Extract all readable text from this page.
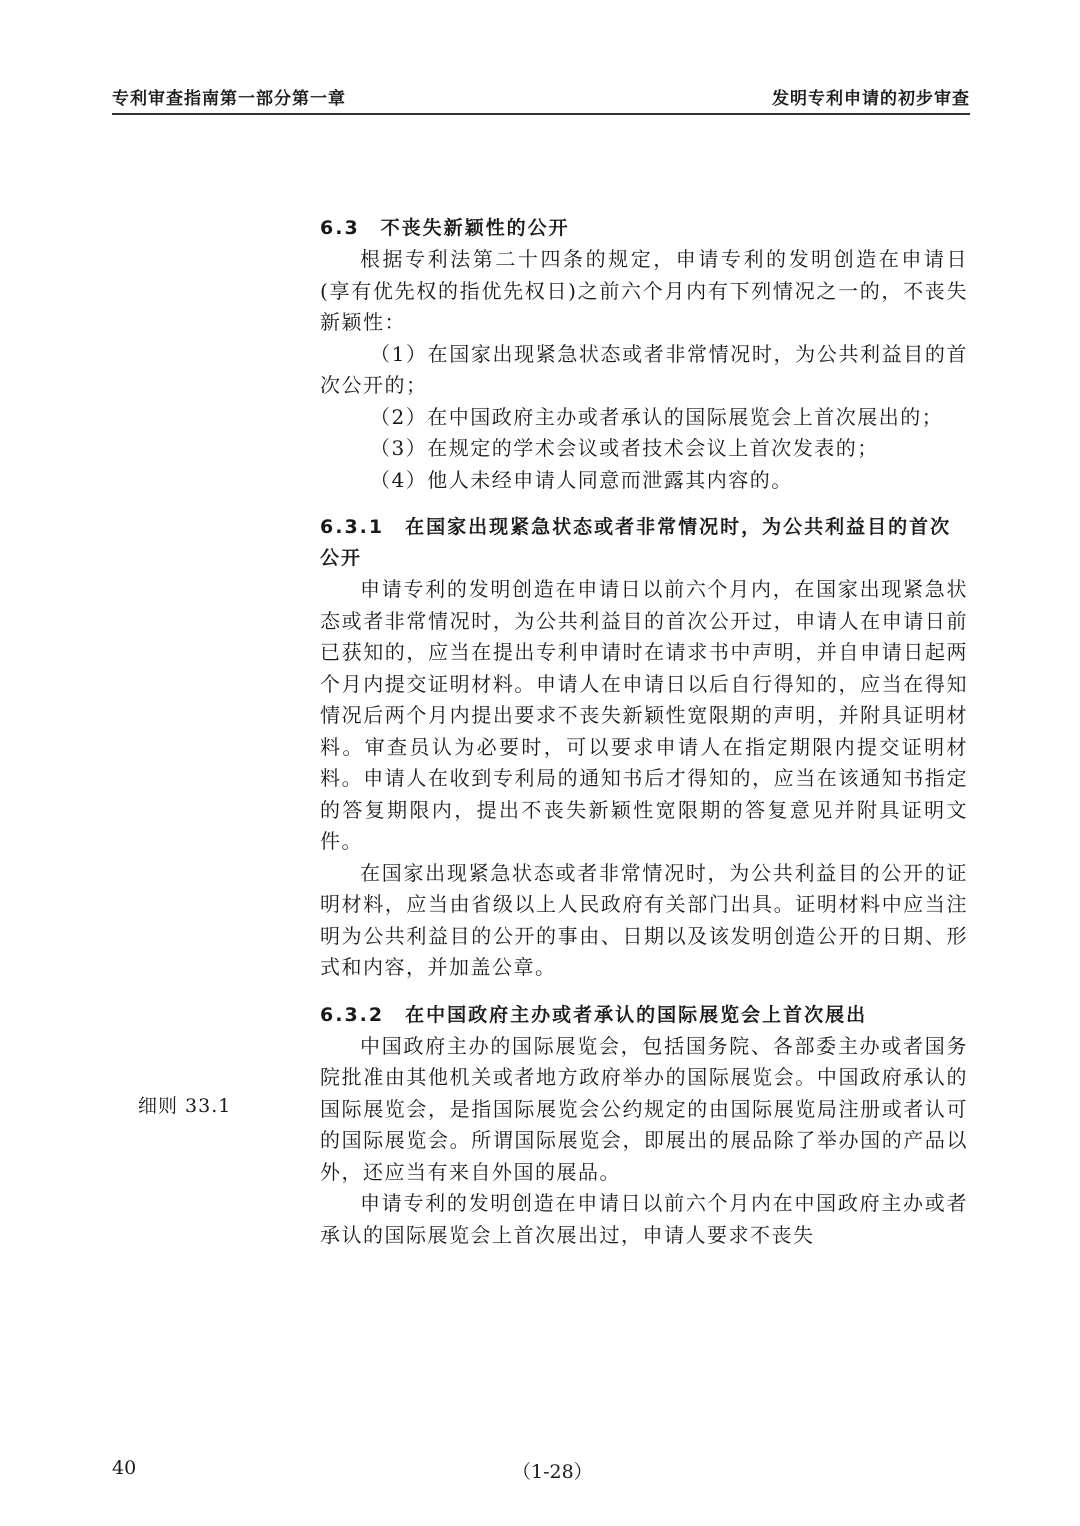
专利审查指南第一部分第一章	发明专利申请的初步审查

6.3　不丧失新颖性的公开

根据专利法第二十四条的规定，申请专利的发明创造在申请日(享有优先权的指优先权日)之前六个月内有下列情况之一的，不丧失新颖性：

（1）在国家出现紧急状态或者非常情况时，为公共利益目的首次公开的；

（2）在中国政府主办或者承认的国际展览会上首次展出的；

（3）在规定的学术会议或者技术会议上首次发表的；

（4）他人未经申请人同意而泄露其内容的。

6.3.1　在国家出现紧急状态或者非常情况时，为公共利益目的首次公开

申请专利的发明创造在申请日以前六个月内，在国家出现紧急状态或者非常情况时，为公共利益目的首次公开过，申请人在申请日前已获知的，应当在提出专利申请时在请求书中声明，并自申请日起两个月内提交证明材料。申请人在申请日以后自行得知的，应当在得知情况后两个月内提出要求不丧失新颖性宽限期的声明，并附具证明材料。审查员认为必要时，可以要求申请人在指定期限内提交证明材料。申请人在收到专利局的通知书后才得知的，应当在该通知书指定的答复期限内，提出不丧失新颖性宽限期的答复意见并附具证明文件。

在国家出现紧急状态或者非常情况时，为公共利益目的公开的证明材料，应当由省级以上人民政府有关部门出具。证明材料中应当注明为公共利益目的公开的事由、日期以及该发明创造公开的日期、形式和内容，并加盖公章。

6.3.2　在中国政府主办或者承认的国际展览会上首次展出

中国政府主办的国际展览会，包括国务院、各部委主办或者国务院批准由其他机关或者地方政府举办的国际展览会。中国政府承认的国际展览会，是指国际展览会公约规定的由国际展览局注册或者认可的国际展览会。所谓国际展览会，即展出的展品除了举办国的产品以外，还应当有来自外国的展品。

申请专利的发明创造在申请日以前六个月内在中国政府主办或者承认的国际展览会上首次展出过，申请人要求不丧失

细则 33.1
40	（1-28）
